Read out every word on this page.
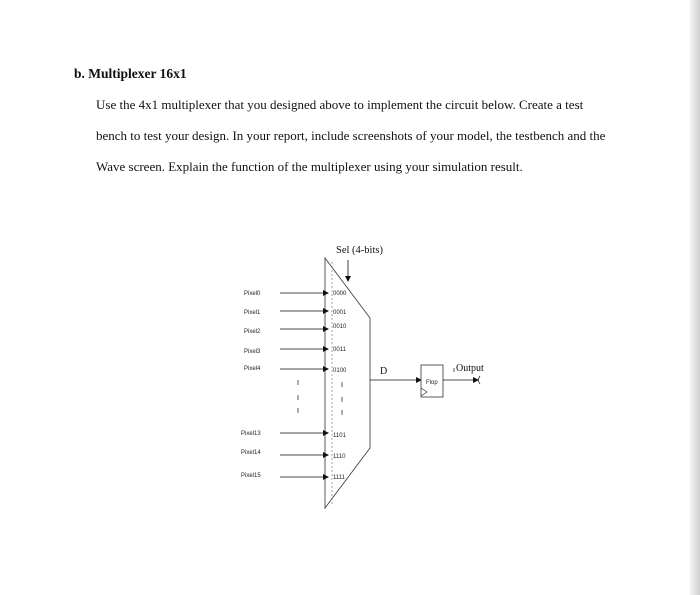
b. Multiplexer 16x1
Use the 4x1 multiplexer that you designed above to implement the circuit below. Create a test
bench to test your design. In your report, include screenshots of your model, the testbench and the
Wave screen. Explain the function of the multiplexer using your simulation result.
Sel (4-bits)
Pixel0	0000
Pixel1	0001
Pixel2
0010
Pixel3	0011
Pixel4	0100
Pixel13	1101
Pixel14
1110
Pixel15	1111
D
Flop
Output
